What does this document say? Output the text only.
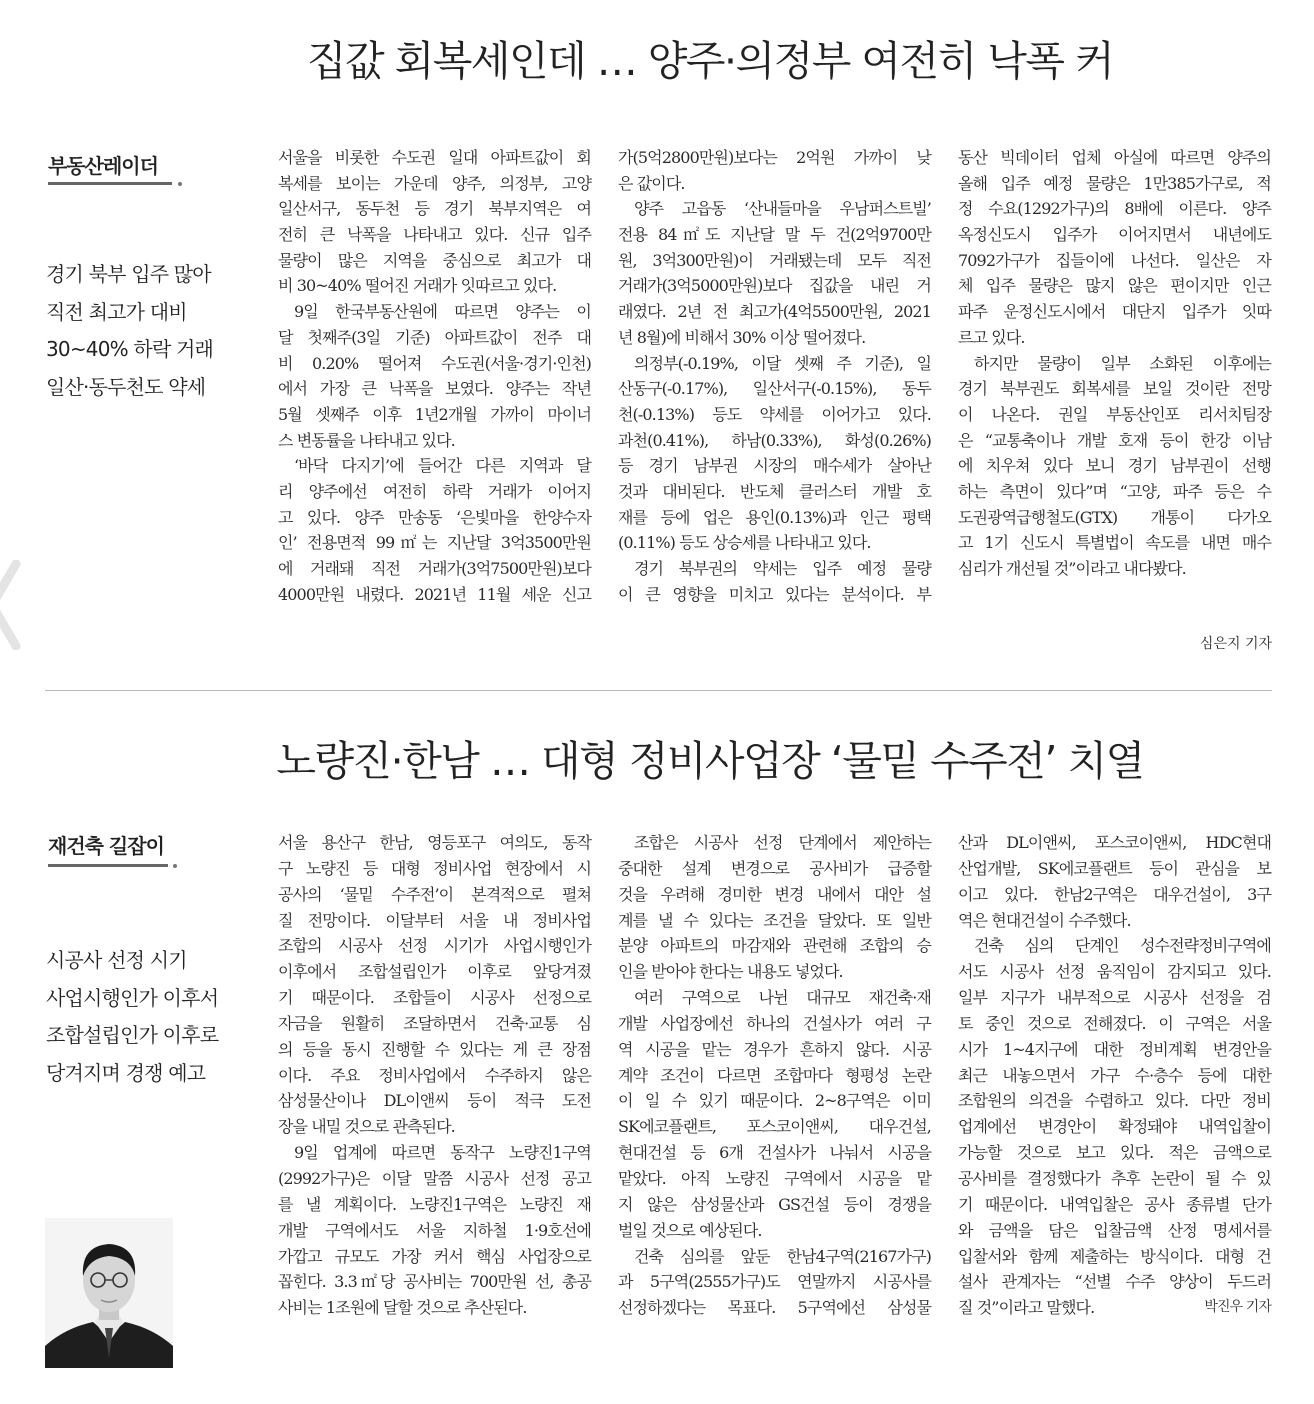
집값 회복세인데 … 양주·의정부 여전히 낙폭 커
부동산레이더
경기 북부 입주 많아
직전 최고가 대비
30~40% 하락 거래
일산·동두천도 약세
서울을 비롯한 수도권 일대 아파트값이 회
복세를 보이는 가운데 양주, 의정부, 고양
일산서구, 동두천 등 경기 북부지역은 여
전히 큰 낙폭을 나타내고 있다. 신규 입주
물량이 많은 지역을 중심으로 최고가 대
비 30~40% 떨어진 거래가 잇따르고 있다.
9일 한국부동산원에 따르면 양주는 이
달 첫째주(3일 기준) 아파트값이 전주 대
비 0.20% 떨어져 수도권(서울·경기·인천)
에서 가장 큰 낙폭을 보였다. 양주는 작년
5월 셋째주 이후 1년2개월 가까이 마이너
스 변동률을 나타내고 있다.
‘바닥 다지기’에 들어간 다른 지역과 달
리 양주에선 여전히 하락 거래가 이어지
고 있다. 양주 만송동 ‘은빛마을 한양수자
인’ 전용면적 99㎡는 지난달 3억3500만원
에 거래돼 직전 거래가(3억7500만원)보다
4000만원 내렸다. 2021년 11월 세운 신고
가(5억2800만원)보다는 2억원 가까이 낮
은 값이다.
양주 고읍동 ‘산내들마을 우남퍼스트빌’
전용 84㎡도 지난달 말 두 건(2억9700만
원, 3억300만원)이 거래됐는데 모두 직전
거래가(3억5000만원)보다 집값을 내린 거
래였다. 2년 전 최고가(4억5500만원, 2021
년 8월)에 비해서 30% 이상 떨어졌다.
의정부(-0.19%, 이달 셋째 주 기준), 일
산동구(-0.17%), 일산서구(-0.15%), 동두
천(-0.13%) 등도 약세를 이어가고 있다.
과천(0.41%), 하남(0.33%), 화성(0.26%)
등 경기 남부권 시장의 매수세가 살아난
것과 대비된다. 반도체 클러스터 개발 호
재를 등에 업은 용인(0.13%)과 인근 평택
(0.11%) 등도 상승세를 나타내고 있다.
경기 북부권의 약세는 입주 예정 물량
이 큰 영향을 미치고 있다는 분석이다. 부
동산 빅데이터 업체 아실에 따르면 양주의
올해 입주 예정 물량은 1만385가구로, 적
정 수요(1292가구)의 8배에 이른다. 양주
옥정신도시 입주가 이어지면서 내년에도
7092가구가 집들이에 나선다. 일산은 자
체 입주 물량은 많지 않은 편이지만 인근
파주 운정신도시에서 대단지 입주가 잇따
르고 있다.
하지만 물량이 일부 소화된 이후에는
경기 북부권도 회복세를 보일 것이란 전망
이 나온다. 권일 부동산인포 리서치팀장
은 “교통축이나 개발 호재 등이 한강 이남
에 치우쳐 있다 보니 경기 남부권이 선행
하는 측면이 있다”며 “고양, 파주 등은 수
도권광역급행철도(GTX) 개통이 다가오
고 1기 신도시 특별법이 속도를 내면 매수
심리가 개선될 것”이라고 내다봤다.
심은지 기자
노량진·한남 … 대형 정비사업장 ‘물밑 수주전’ 치열
재건축 길잡이
시공사 선정 시기
사업시행인가 이후서
조합설립인가 이후로
당겨지며 경쟁 예고
서울 용산구 한남, 영등포구 여의도, 동작
구 노량진 등 대형 정비사업 현장에서 시
공사의 ‘물밑 수주전’이 본격적으로 펼쳐
질 전망이다. 이달부터 서울 내 정비사업
조합의 시공사 선정 시기가 사업시행인가
이후에서 조합설립인가 이후로 앞당겨졌
기 때문이다. 조합들이 시공사 선정으로
자금을 원활히 조달하면서 건축·교통 심
의 등을 동시 진행할 수 있다는 게 큰 장점
이다. 주요 정비사업에서 수주하지 않은
삼성물산이나 DL이앤씨 등이 적극 도전
장을 내밀 것으로 관측된다.
9일 업계에 따르면 동작구 노량진1구역
(2992가구)은 이달 말쯤 시공사 선정 공고
를 낼 계획이다. 노량진1구역은 노량진 재
개발 구역에서도 서울 지하철 1·9호선에
가깝고 규모도 가장 커서 핵심 사업장으로
꼽힌다. 3.3㎡당 공사비는 700만원 선, 총공
사비는 1조원에 달할 것으로 추산된다.
조합은 시공사 선정 단계에서 제안하는
중대한 설계 변경으로 공사비가 급증할
것을 우려해 경미한 변경 내에서 대안 설
계를 낼 수 있다는 조건을 달았다. 또 일반
분양 아파트의 마감재와 관련해 조합의 승
인을 받아야 한다는 내용도 넣었다.
여러 구역으로 나뉜 대규모 재건축·재
개발 사업장에선 하나의 건설사가 여러 구
역 시공을 맡는 경우가 흔하지 않다. 시공
계약 조건이 다르면 조합마다 형평성 논란
이 일 수 있기 때문이다. 2~8구역은 이미
SK에코플랜트, 포스코이앤씨, 대우건설,
현대건설 등 6개 건설사가 나눠서 시공을
맡았다. 아직 노량진 구역에서 시공을 맡
지 않은 삼성물산과 GS건설 등이 경쟁을
벌일 것으로 예상된다.
건축 심의를 앞둔 한남4구역(2167가구)
과 5구역(2555가구)도 연말까지 시공사를
선정하겠다는 목표다. 5구역에선 삼성물
산과 DL이앤씨, 포스코이앤씨, HDC현대
산업개발, SK에코플랜트 등이 관심을 보
이고 있다. 한남2구역은 대우건설이, 3구
역은 현대건설이 수주했다.
건축 심의 단계인 성수전략정비구역에
서도 시공사 선정 움직임이 감지되고 있다.
일부 지구가 내부적으로 시공사 선정을 검
토 중인 것으로 전해졌다. 이 구역은 서울
시가 1~4지구에 대한 정비계획 변경안을
최근 내놓으면서 가구 수·층수 등에 대한
조합원의 의견을 수렴하고 있다. 다만 정비
업계에선 변경안이 확정돼야 내역입찰이
가능할 것으로 보고 있다. 적은 금액으로
공사비를 결정했다가 추후 논란이 될 수 있
기 때문이다. 내역입찰은 공사 종류별 단가
와 금액을 담은 입찰금액 산정 명세서를
입찰서와 함께 제출하는 방식이다. 대형 건
설사 관계자는 “선별 수주 양상이 두드러
질 것”이라고 말했다.	박진우 기자
